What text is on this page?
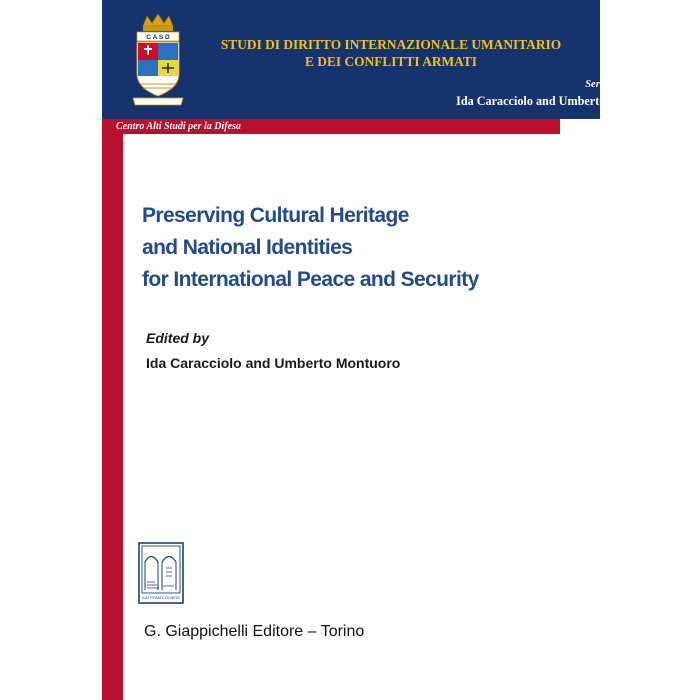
C A S D	STUDI DI DIRITTO INTERNAZIONALE UMANITARIO
E DEI CONFLITTI ARMATI
Series directed by
Ida Caracciolo and Umberto Montuoro
Centro Alti Studi per la Difesa
Preserving Cultural Heritage
and National Identities
for International Peace and Security
Edited by
Ida Caracciolo and Umberto Montuoro
KATHYAM COLNEIS
G. Giappichelli Editore – Torino
